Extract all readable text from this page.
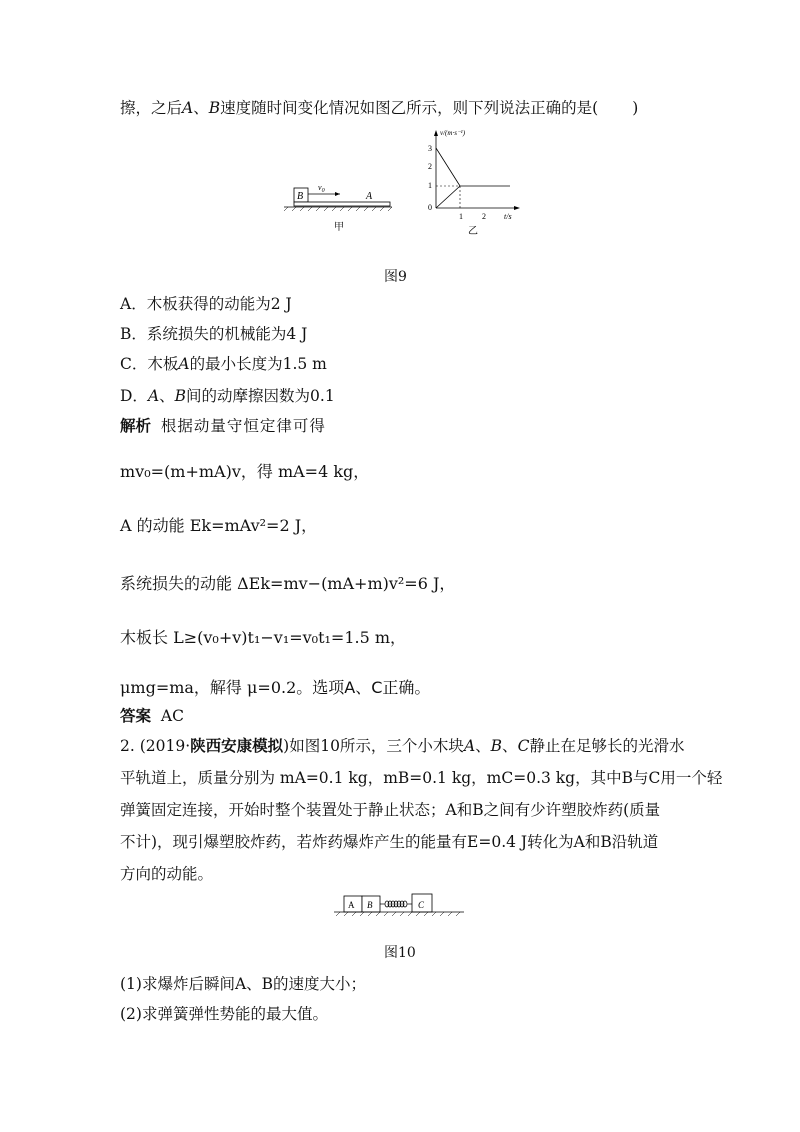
擦，之后A、B速度随时间变化情况如图乙所示，则下列说法正确的是( )
B
$v_0$	A
甲
v/(m·s⁻¹)
t/s
3
2
1
0
1 2
乙
图9
A．木板获得的动能为2 J
B．系统损失的机械能为4 J
C．木板A的最小长度为1.5 m
D．A、B间的动摩擦因数为0.1
解析 根据动量守恒定律可得
mv₀=(m+mA)v，得 mA=4 kg，
A 的动能 Ek=mAv²=2 J，
系统损失的动能 ΔEk=mv−(mA+m)v²=6 J，
木板长 L≥(v₀+v)t₁−v₁=v₀t₁=1.5 m，
μmg=ma，解得 μ=0.2。选项A、C正确。
答案 AC
2. (2019·陕西安康模拟)如图10所示，三个小木块A、B、C静止在足够长的光滑水
平轨道上，质量分别为 mA=0.1 kg，mB=0.1 kg，mC=0.3 kg，其中B与C用一个轻
弹簧固定连接，开始时整个装置处于静止状态；A和B之间有少许塑胶炸药(质量
不计)，现引爆塑胶炸药，若炸药爆炸产生的能量有E=0.4 J转化为A和B沿轨道
方向的动能。
A B	C
图10
(1)求爆炸后瞬间A、B的速度大小；
(2)求弹簧弹性势能的最大值。
